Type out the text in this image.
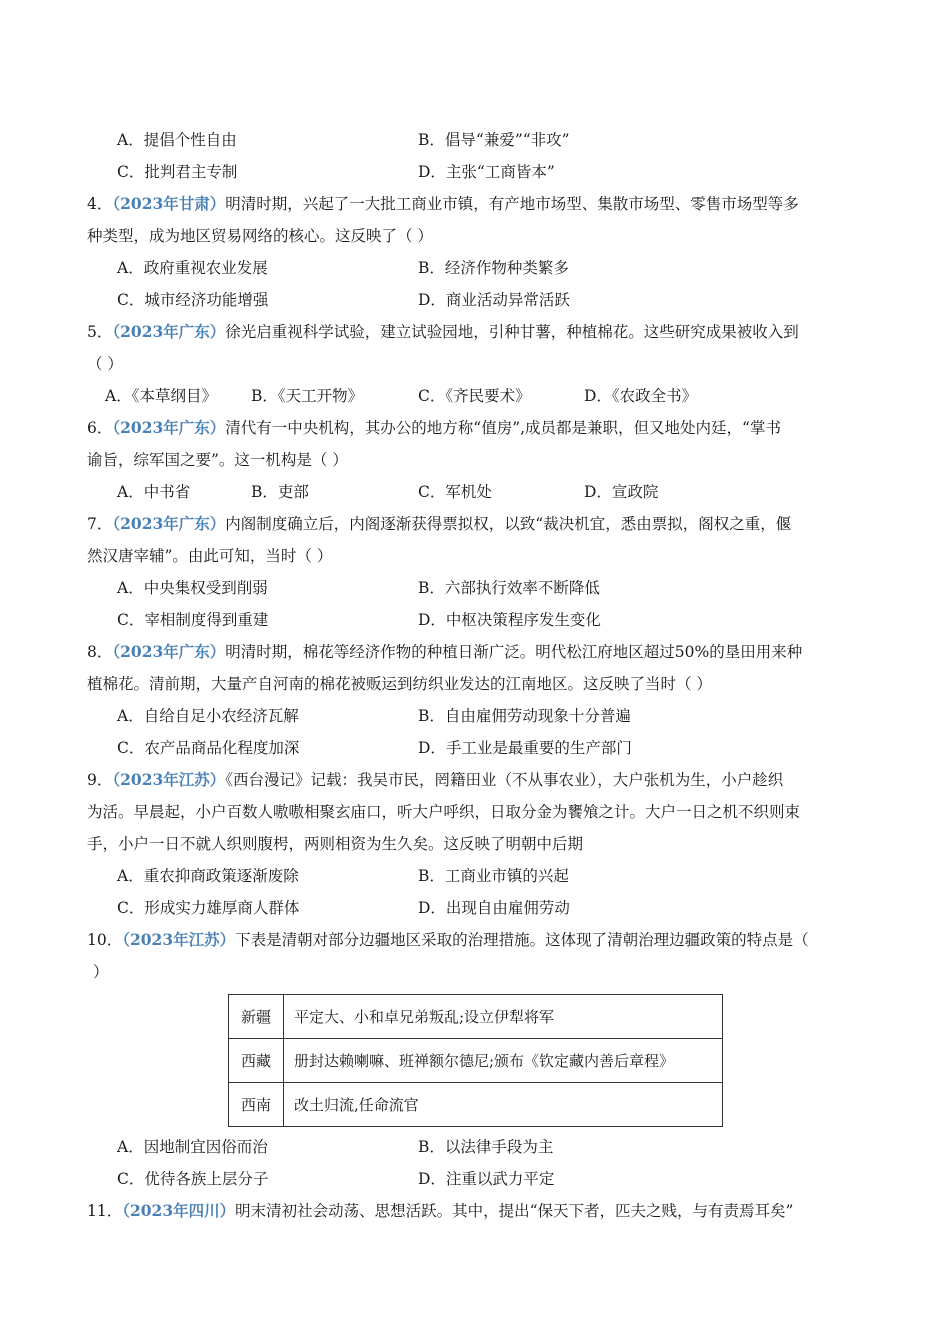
A．提倡个性自由	B．倡导“兼爱”“非攻”
C．批判君主专制	D．主张“工商皆本”
4．（2023年甘肃）明清时期，兴起了一大批工商业市镇，有产地市场型、集散市场型、零售市场型等多
种类型，成为地区贸易网络的核心。这反映了（ ）
A．政府重视农业发展	B．经济作物种类繁多
C．城市经济功能增强	D．商业活动异常活跃
5．（2023年广东）徐光启重视科学试验，建立试验园地，引种甘薯，种植棉花。这些研究成果被收入到
（ ）
A．《本草纲目》 B．《天工开物》	C．《齐民要术》	D．《农政全书》
6．（2023年广东）清代有一中央机构，其办公的地方称“值房”,成员都是兼职，但又地处内廷，“掌书
谕旨，综军国之要”。这一机构是（ ）
A．中书省	B．吏部	C．军机处	D．宣政院
7．（2023年广东）内阁制度确立后，内阁逐渐获得票拟权，以致“裁决机宜，悉由票拟，阁权之重，偃
然汉唐宰辅”。由此可知，当时（ ）
A．中央集权受到削弱	B．六部执行效率不断降低
C．宰相制度得到重建	D．中枢决策程序发生变化
8．（2023年广东）明清时期，棉花等经济作物的种植日渐广泛。明代松江府地区超过50%的垦田用来种
植棉花。清前期，大量产自河南的棉花被贩运到纺织业发达的江南地区。这反映了当时（ ）
A．自给自足小农经济瓦解	B．自由雇佣劳动现象十分普遍
C．农产品商品化程度加深	D．手工业是最重要的生产部门
9．（2023年江苏）《西台漫记》记载：我吴市民，罔籍田业（不从事农业），大户张机为生，小户趁织
为活。早晨起，小户百数人嗷嗷相聚玄庙口，听大户呼织，日取分金为饔飧之计。大户一日之机不织则束
手，小户一日不就人织则腹枵，两则相资为生久矣。这反映了明朝中后期
A．重农抑商政策逐渐废除	B．工商业市镇的兴起
C．形成实力雄厚商人群体	D．出现自由雇佣劳动
10．（2023年江苏）下表是清朝对部分边疆地区采取的治理措施。这体现了清朝治理边疆政策的特点是（
）
新疆	平定大、小和卓兄弟叛乱;设立伊犁将军
西藏	册封达赖喇嘛、班禅额尔德尼;颁布《钦定藏内善后章程》
西南	改土归流,任命流官
A．因地制宜因俗而治	B．以法律手段为主
C．优待各族上层分子	D．注重以武力平定
11．（2023年四川）明末清初社会动荡、思想活跃。其中，提出“保天下者，匹夫之贱，与有责焉耳矣”
